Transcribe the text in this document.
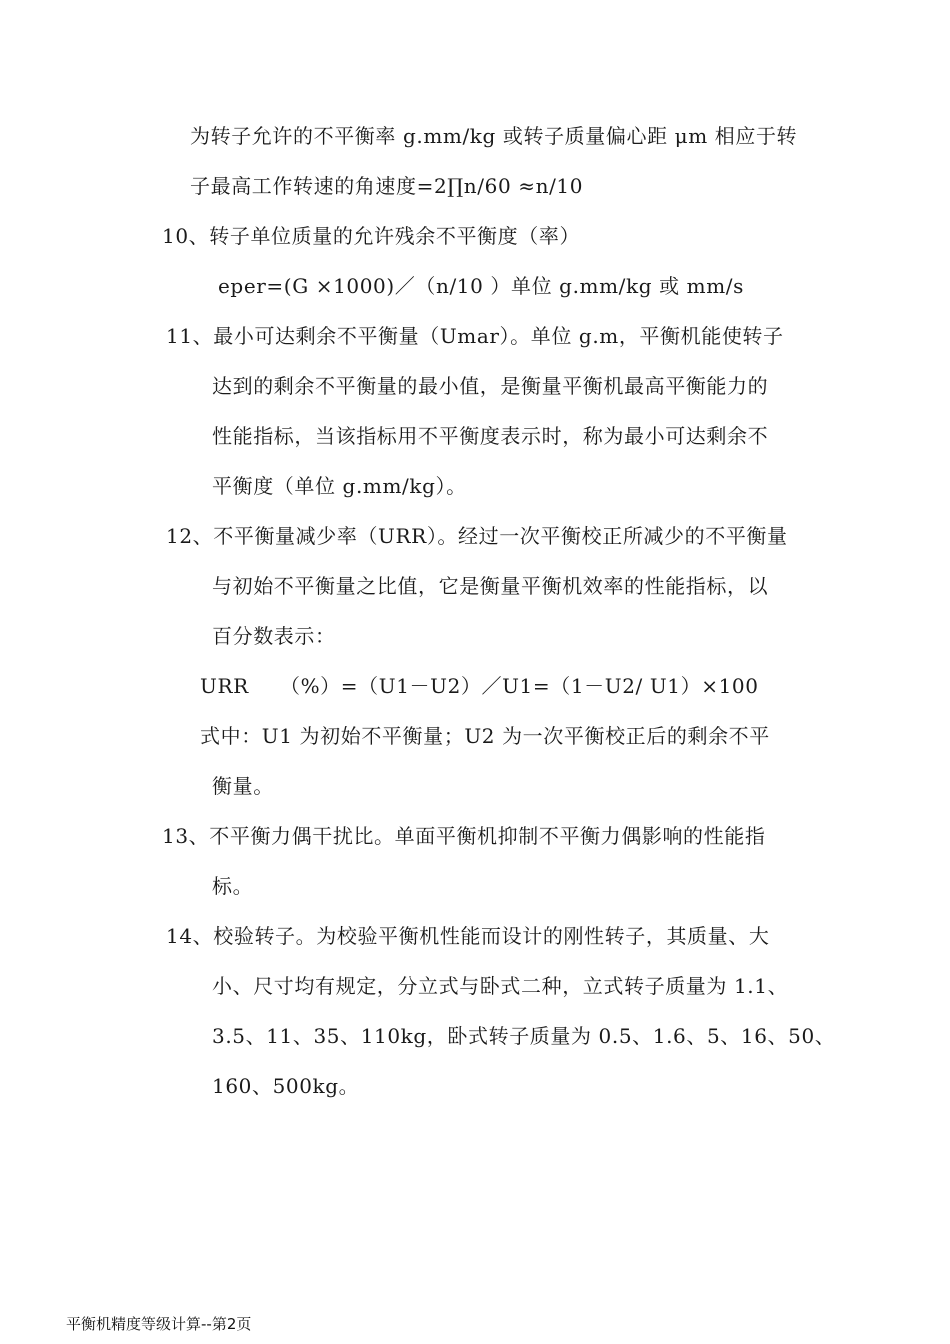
为转子允许的不平衡率 g.mm/kg 或转子质量偏心距 μm 相应于转
子最高工作转速的角速度=2∏n/60 ≈n/10
10、转子单位质量的允许残余不平衡度（率）
eper=(G ×1000)／（n/10 ）单位 g.mm/kg 或 mm/s
11、最小可达剩余不平衡量（Umar）。单位 g.m，平衡机能使转子
达到的剩余不平衡量的最小值，是衡量平衡机最高平衡能力的
性能指标，当该指标用不平衡度表示时，称为最小可达剩余不
平衡度（单位 g.mm/kg）。
12、不平衡量减少率（URR）。经过一次平衡校正所减少的不平衡量
与初始不平衡量之比值，它是衡量平衡机效率的性能指标，以
百分数表示：
URR　　（%）=（U1－U2）／U1=（1－U2/ U1）×100
式中：U1 为初始不平衡量；U2 为一次平衡校正后的剩余不平
衡量。
13、不平衡力偶干扰比。单面平衡机抑制不平衡力偶影响的性能指
标。
14、校验转子。为校验平衡机性能而设计的刚性转子，其质量、大
小、尺寸均有规定，分立式与卧式二种，立式转子质量为 1.1、
3.5、11、35、110kg，卧式转子质量为 0.5、1.6、5、16、50、
160、500kg。
平衡机精度等级计算--第2页
